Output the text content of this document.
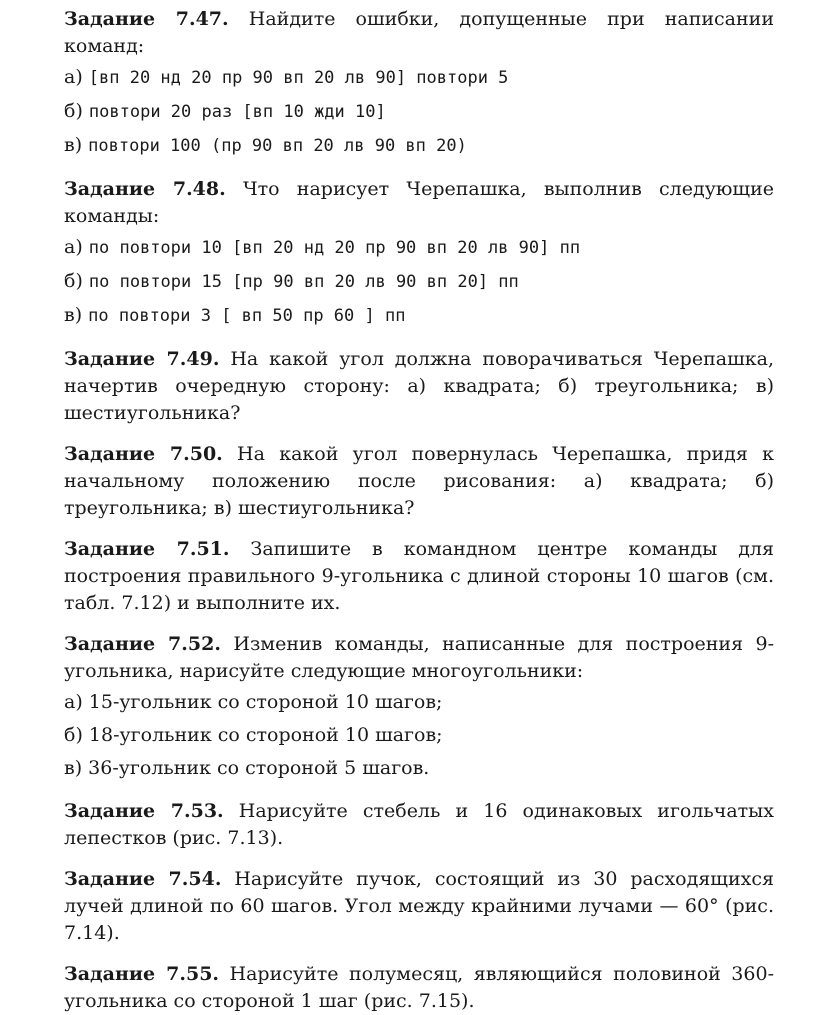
Задание 7.47. Найдите ошибки, допущенные при написании команд:
а) [вп 20 нд 20 пр 90 вп 20 лв 90] повтори 5
б) повтори 20 раз [вп 10 жди 10]
в) повтори 100 (пр 90 вп 20 лв 90 вп 20)
Задание 7.48. Что нарисует Черепашка, выполнив следующие команды:
а) по повтори 10 [вп 20 нд 20 пр 90 вп 20 лв 90] пп
б) по повтори 15 [пр 90 вп 20 лв 90 вп 20] пп
в) по повтори 3 [ вп 50 пр 60 ] пп
Задание 7.49. На какой угол должна поворачиваться Черепашка, начертив очередную сторону: а) квадрата; б) треугольника; в) шестиугольника?
Задание 7.50. На какой угол повернулась Черепашка, придя к начальному положению после рисования: а) квадрата; б) треугольника; в) шестиугольника?
Задание 7.51. Запишите в командном центре команды для построения правильного 9-угольника с длиной стороны 10 шагов (см. табл. 7.12) и выполните их.
Задание 7.52. Изменив команды, написанные для построения 9-угольника, нарисуйте следующие многоугольники:
а) 15-угольник со стороной 10 шагов;
б) 18-угольник со стороной 10 шагов;
в) 36-угольник со стороной 5 шагов.
Задание 7.53. Нарисуйте стебель и 16 одинаковых игольчатых лепестков (рис. 7.13).
Задание 7.54. Нарисуйте пучок, состоящий из 30 расходящихся лучей длиной по 60 шагов. Угол между крайними лучами — 60° (рис. 7.14).
Задание 7.55. Нарисуйте полумесяц, являющийся половиной 360-угольника со стороной 1 шаг (рис. 7.15).
